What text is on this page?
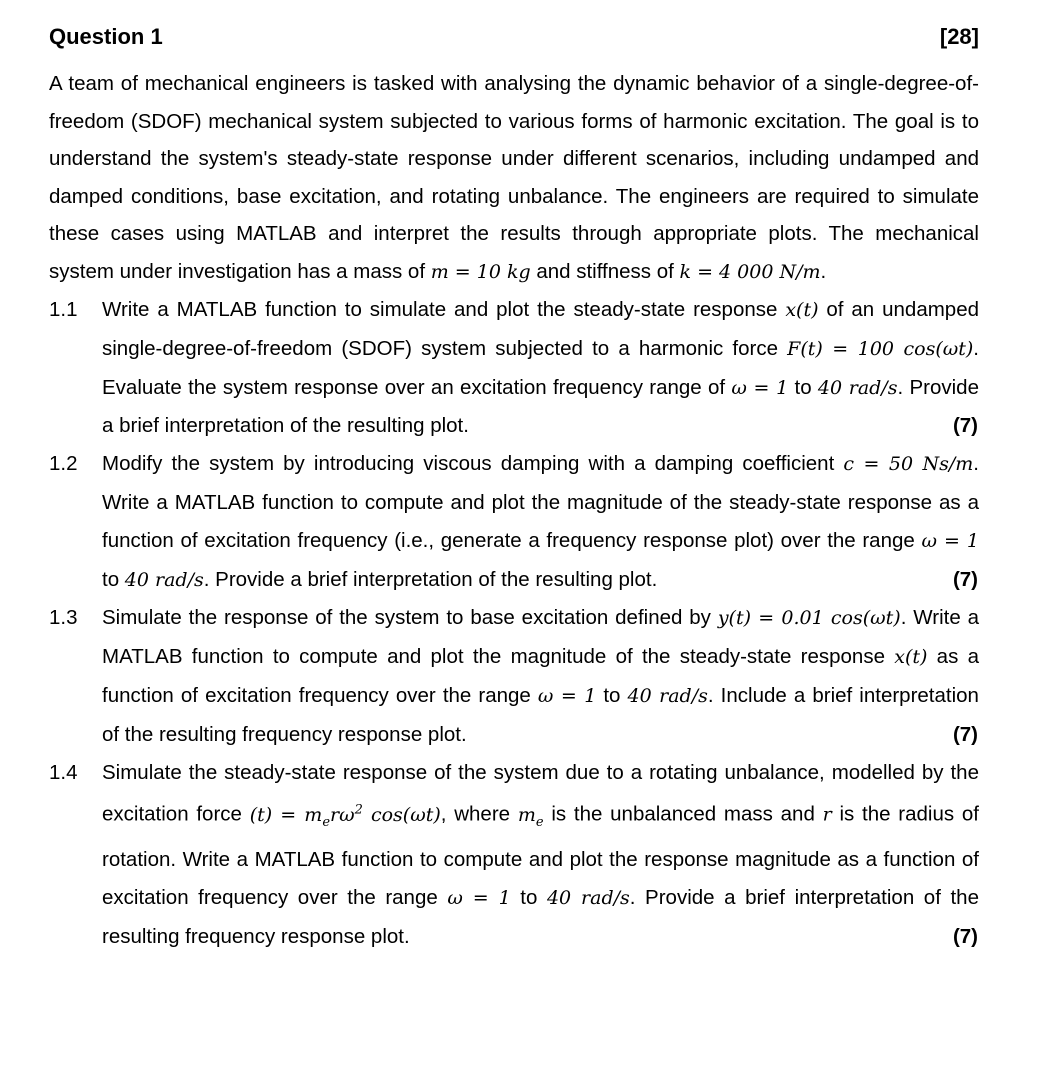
Question 1	[28]
A team of mechanical engineers is tasked with analysing the dynamic behavior of a single-degree-of-freedom (SDOF) mechanical system subjected to various forms of harmonic excitation. The goal is to understand the system's steady-state response under different scenarios, including undamped and damped conditions, base excitation, and rotating unbalance. The engineers are required to simulate these cases using MATLAB and interpret the results through appropriate plots. The mechanical system under investigation has a mass of m = 10 kg and stiffness of k = 4 000 N/m.
1.1	Write a MATLAB function to simulate and plot the steady-state response x(t) of an undamped single-degree-of-freedom (SDOF) system subjected to a harmonic force F(t) = 100 cos(ωt). Evaluate the system response over an excitation frequency range of ω = 1 to 40 rad/s. Provide a brief interpretation of the resulting plot.	(7)
1.2	Modify the system by introducing viscous damping with a damping coefficient c = 50 Ns/m. Write a MATLAB function to compute and plot the magnitude of the steady-state response as a function of excitation frequency (i.e., generate a frequency response plot) over the range ω = 1 to 40 rad/s. Provide a brief interpretation of the resulting plot.	(7)
1.3	Simulate the response of the system to base excitation defined by y(t) = 0.01 cos(ωt). Write a MATLAB function to compute and plot the magnitude of the steady-state response x(t) as a function of excitation frequency over the range ω = 1 to 40 rad/s. Include a brief interpretation of the resulting frequency response plot.	(7)
1.4	Simulate the steady-state response of the system due to a rotating unbalance, modelled by the excitation force $(t) = m_er\omega^2$ cos(ωt), where $m_e$ is the unbalanced mass and r is the radius of rotation. Write a MATLAB function to compute and plot the response magnitude as a function of excitation frequency over the range ω = 1 to 40 rad/s. Provide a brief interpretation of the resulting frequency response plot.	(7)
